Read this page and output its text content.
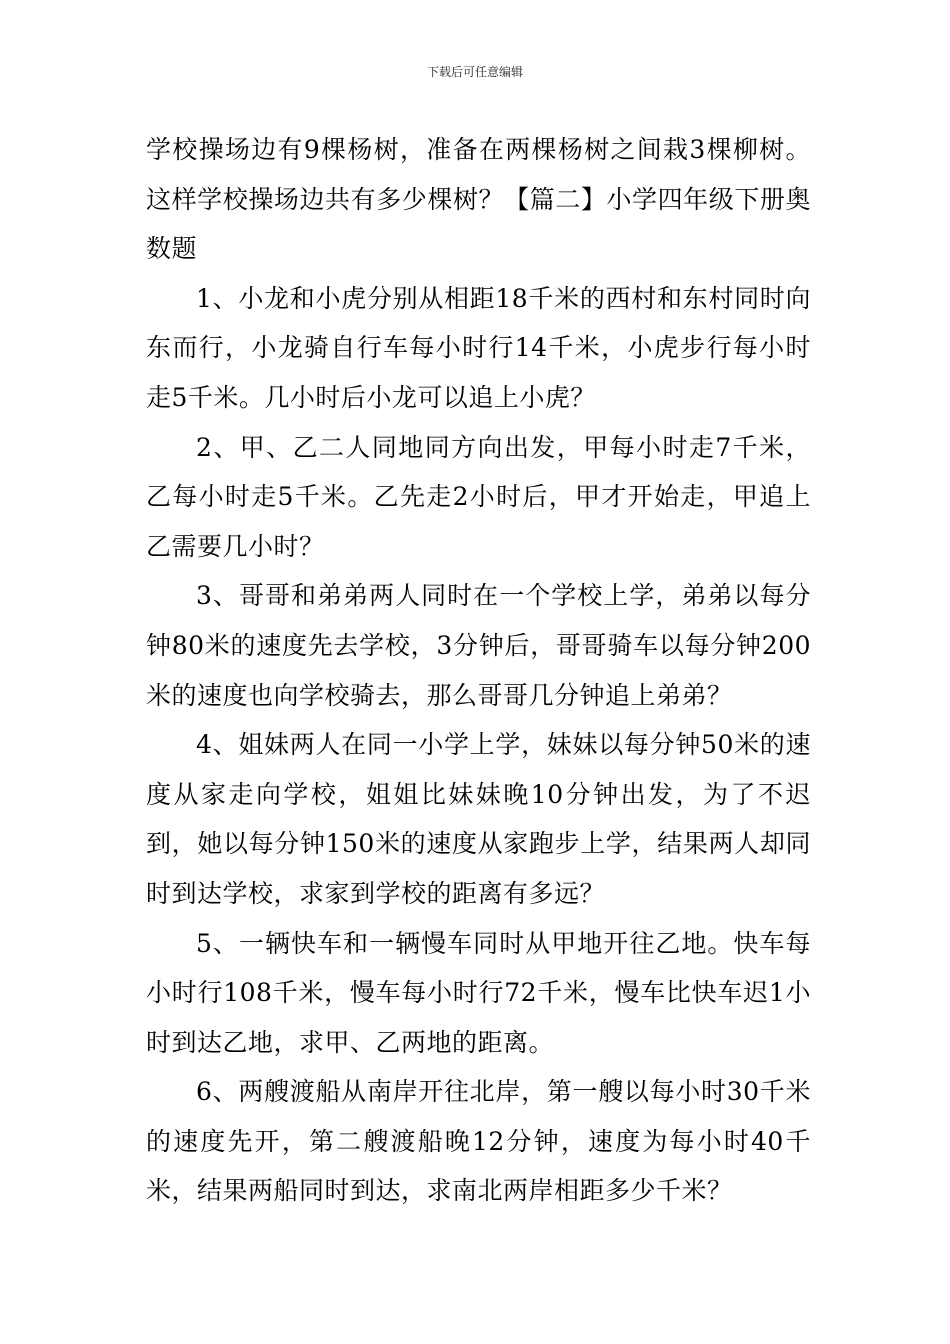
下载后可任意编辑

学校操场边有9棵杨树，准备在两棵杨树之间栽3棵柳树。这样学校操场边共有多少棵树？【篇二】小学四年级下册奥数题

1、小龙和小虎分别从相距18千米的西村和东村同时向东而行，小龙骑自行车每小时行14千米，小虎步行每小时走5千米。几小时后小龙可以追上小虎？

2、甲、乙二人同地同方向出发，甲每小时走7千米，乙每小时走5千米。乙先走2小时后，甲才开始走，甲追上乙需要几小时？

3、哥哥和弟弟两人同时在一个学校上学，弟弟以每分钟80米的速度先去学校，3分钟后，哥哥骑车以每分钟200米的速度也向学校骑去，那么哥哥几分钟追上弟弟？

4、姐妹两人在同一小学上学，妹妹以每分钟50米的速度从家走向学校，姐姐比妹妹晚10分钟出发，为了不迟到，她以每分钟150米的速度从家跑步上学，结果两人却同时到达学校，求家到学校的距离有多远？

5、一辆快车和一辆慢车同时从甲地开往乙地。快车每小时行108千米，慢车每小时行72千米，慢车比快车迟1小时到达乙地，求甲、乙两地的距离。

6、两艘渡船从南岸开往北岸，第一艘以每小时30千米的速度先开，第二艘渡船晚12分钟，速度为每小时40千米，结果两船同时到达，求南北两岸相距多少千米？
